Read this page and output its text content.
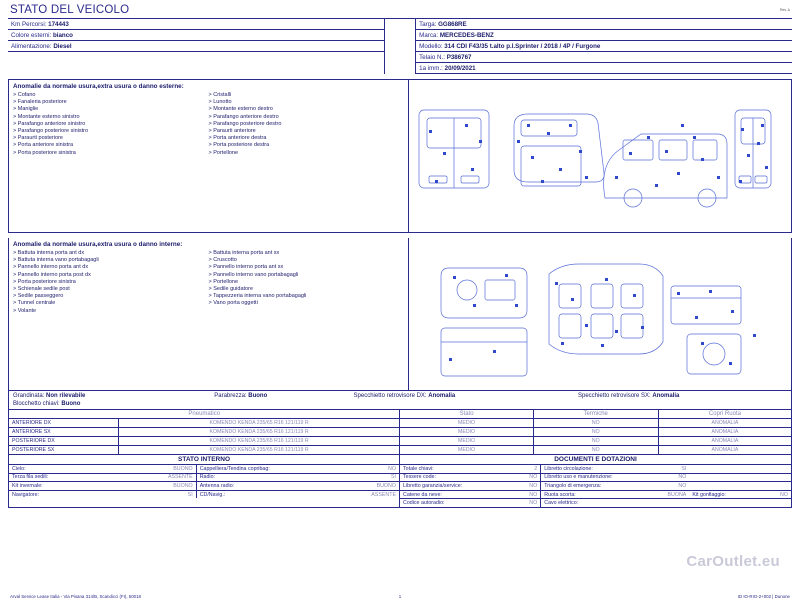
Rev. A
STATO DEL VEICOLO
Km Percorsi: 174443		Targa: GG868RE
Colore esterni: bianco		Marca: MERCEDES-BENZ
Alimentazione: Diesel		Modello: 314 CDI F43/35 t.alto p.l.Sprinter / 2018 / 4P / Furgone
		Telaio N.: P386767
		1a imm.: 20/09/2021
Anomalie da normale usura,extra usura o danno esterne:
> Cofano
> Fanaleria posteriore
> Maniglie
> Montante esterno sinistro
> Parafango anteriore sinistro
> Parafango posteriore sinistro
> Paraurti posteriore
> Porta anteriore sinistra
> Porta posteriore sinistra
> Cristalli
> Lunotto
> Montante esterno destro
> Parafango anteriore destro
> Parafango posteriore destro
> Paraurti anteriore
> Porta anteriore destra
> Porta posteriore destra
> Portellone
Anomalie da normale usura,extra usura o danno interne:
> Battuta interna porta ant dx
> Battuta interna vano portabagagli
> Pannello interno porta ant dx
> Pannello interno porta post dx
> Porta posteriore sinistra
> Schienale sedile post
> Sedile passeggero
> Tunnel centrale
> Volante
> Battuta interna porta ant sx
> Cruscotto
> Pannello interno porta ant sx
> Pannello interno vano portabagagli
> Portellone
> Sedile guidatore
> Tappezzeria interna vano portabagagli
> Vano porta oggetti
Grandinata: Non rilevabile	Parabrezza: Buono	Specchietto retrovisore DX: Anomalia	Specchietto retrovisore SX: Anomalia
Blocchetto chiavi: Buono
Pneumatico		Stato	Termiche	Copri Ruota
ANTERIORE DX	KOMENDO KENDA 235/65 R16 121/119 R	MEDIO	NO	ANOMALIA
ANTERIORE SX	KOMENDO KENDA 235/65 R16 121/119 R	MEDIO	NO	ANOMALIA
POSTERIORE DX	KOMENDO KENDA 235/65 R16 121/119 R	MEDIO	NO	ANOMALIA
POSTERIORE SX	KOMENDO KENDA 235/65 R16 121/119 R	MEDIO	NO	ANOMALIA
STATO INTERNO
Cielo:	BUONO	Cappelliera/Tendina copribag:	NO
Terza fila sedili:	ASSENTE	Radio:	SI
Kit invernale:	BUONO	Antenna radio:	BUONO
Navigatore:	SI	CD/Navig.:	ASSENTE
DOCUMENTI E DOTAZIONI
Totale chiavi:	2	Libretto circolazione:	SI		
Tessere code:	NO	Libretto uso e manutenzione:	NO		
Libretto garanzia/service:	NO	Triangolo di emergenza:	NO		
Catene da neve:	NO	Ruota scorta:	BUONA	Kit gonfiaggio:	NO
Codice autoradio:	NO	Cavo elettrico:			
CarOutlet.eu
Arval Service Lease Italia - Via Pisana 314/B, Scandicci (FI), 50018	1	ID IO-RIO-2+002 | Dunone
